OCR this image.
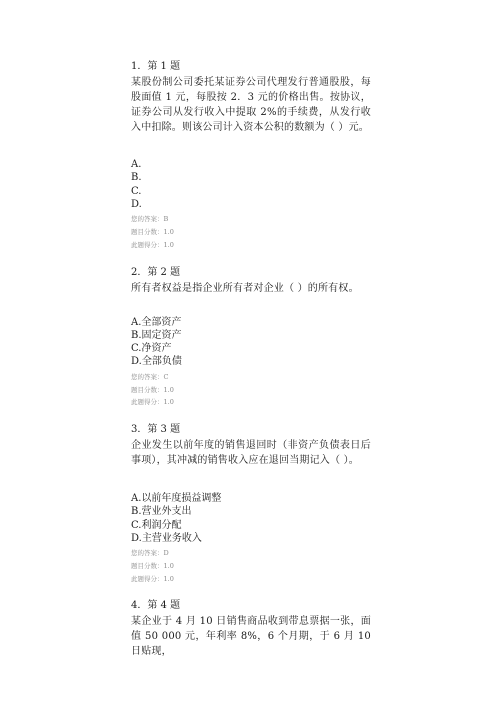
1．第 1 题

某股份制公司委托某证券公司代理发行普通股股，每股面值 1 元，每股按 2．3 元的价格出售。按协议，证券公司从发行收入中提取 2%的手续费，从发行收入中扣除。则该公司计入资本公积的数额为（ ）元。

A.
B.
C.
D.
您的答案：B
题目分数：1.0
此题得分：1.0

2．第 2 题

所有者权益是指企业所有者对企业（ ）的所有权。

A.全部资产
B.固定资产
C.净资产
D.全部负债
您的答案：C
题目分数：1.0
此题得分：1.0

3．第 3 题

企业发生以前年度的销售退回时（非资产负债表日后事项），其冲减的销售收入应在退回当期记入（ ）。

A.以前年度损益调整
B.营业外支出
C.利润分配
D.主营业务收入
您的答案：D
题目分数：1.0
此题得分：1.0

4．第 4 题

某企业于 4 月 10 日销售商品收到带息票据一张，面值 50 000 元，年利率 8%，6 个月期，于 6 月 10 日贴现，
